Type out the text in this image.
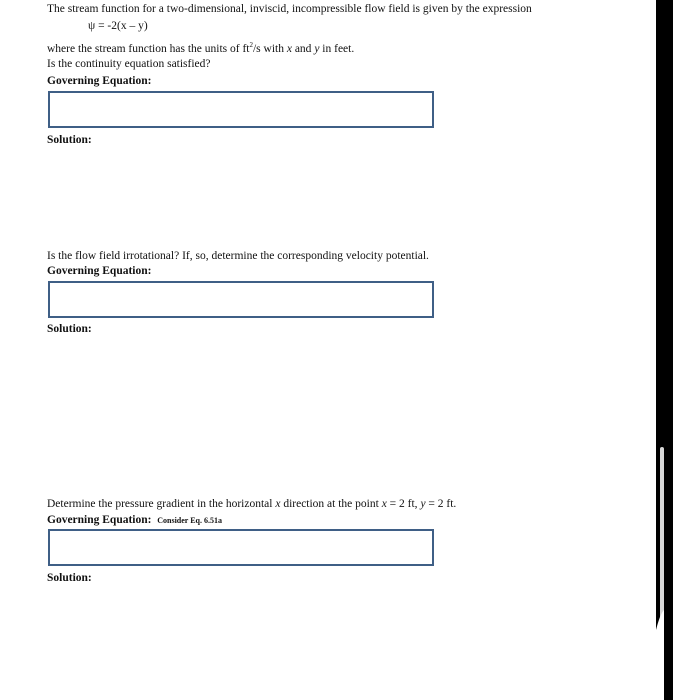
The stream function for a two-dimensional, inviscid, incompressible flow field is given by the expression
ψ = -2(x – y)
where the stream function has the units of $ft^2/s$ with x and y in feet.
Is the continuity equation satisfied?
Governing Equation:
Solution:
Is the flow field irrotational? If, so, determine the corresponding velocity potential.
Governing Equation:
Solution:
Determine the pressure gradient in the horizontal x direction at the point x = 2 ft, y = 2 ft.
Governing Equation: Consider Eq. 6.51a
Solution:
